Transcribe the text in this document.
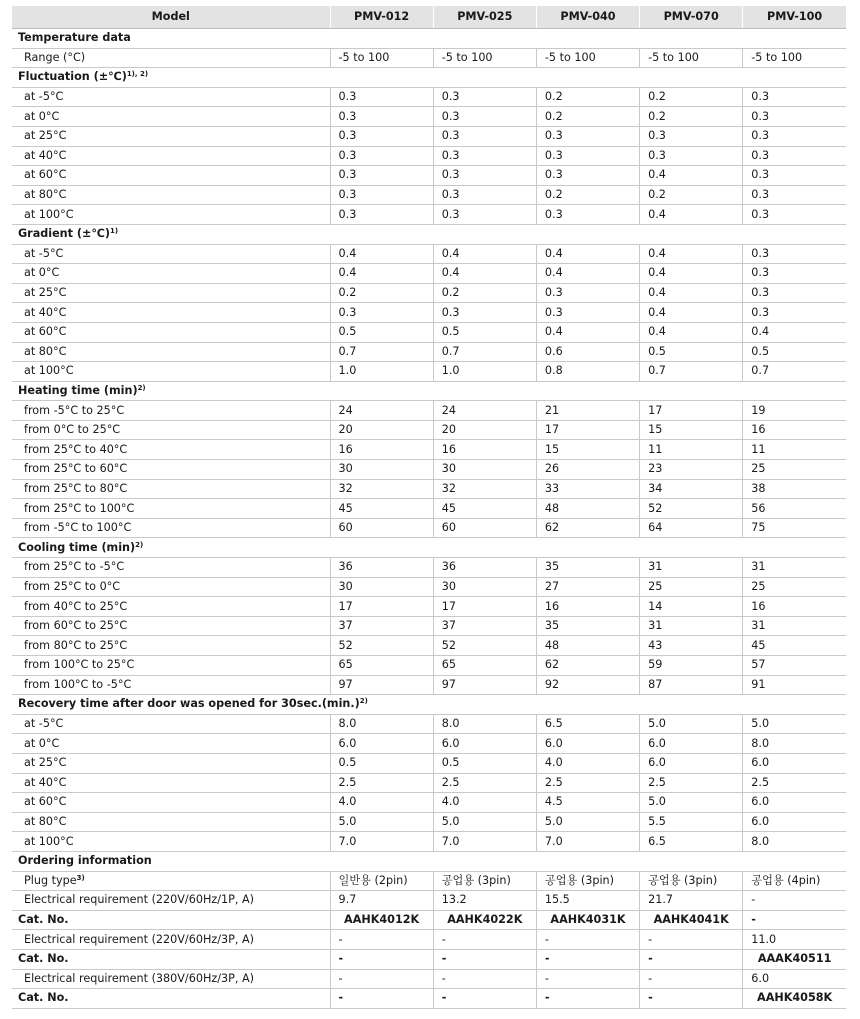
Model	PMV-012	PMV-025	PMV-040	PMV-070	PMV-100
Temperature data					
Range (°C)	-5 to 100	-5 to 100	-5 to 100	-5 to 100	-5 to 100
Fluctuation (±℃)$^{1), 2)}$
at -5°C	0.3	0.3	0.2	0.2	0.3
at 0°C	0.3	0.3	0.2	0.2	0.3
at 25°C	0.3	0.3	0.3	0.3	0.3
at 40°C	0.3	0.3	0.3	0.3	0.3
at 60°C	0.3	0.3	0.3	0.4	0.3
at 80°C	0.3	0.3	0.2	0.2	0.3
at 100°C	0.3	0.3	0.3	0.4	0.3
Gradient (±℃)$^{1)}$
at -5°C	0.4	0.4	0.4	0.4	0.3
at 0°C	0.4	0.4	0.4	0.4	0.3
at 25°C	0.2	0.2	0.3	0.4	0.3
at 40°C	0.3	0.3	0.3	0.4	0.3
at 60°C	0.5	0.5	0.4	0.4	0.4
at 80°C	0.7	0.7	0.6	0.5	0.5
at 100°C	1.0	1.0	0.8	0.7	0.7
Heating time $(\min)^{2)}$
from -5°C to 25°C	24	24	21	17	19
from 0°C to 25°C	20	20	17	15	16
from 25°C to 40°C	16	16	15	11	11
from 25°C to 60°C	30	30	26	23	25
from 25°C to 80°C	32	32	33	34	38
from 25°C to 100°C	45	45	48	52	56
from -5°C to 100°C	60	60	62	64	75
Cooling time $(\min)^{2)}$
from 25°C to -5°C	36	36	35	31	31
from 25°C to 0°C	30	30	27	25	25
from 40°C to 25°C	17	17	16	14	16
from 60°C to 25°C	37	37	35	31	31
from 80°C to 25°C	52	52	48	43	45
from 100°C to 25°C	65	65	62	59	57
from 100°C to -5°C	97	97	92	87	91
Recovery time after door was opened for $30\sec.(\min.)^{2)}$
at -5°C	8.0	8.0	6.5	5.0	5.0
at 0°C	6.0	6.0	6.0	6.0	8.0
at 25°C	0.5	0.5	4.0	6.0	6.0
at 40°C	2.5	2.5	2.5	2.5	2.5
at 60°C	4.0	4.0	4.5	5.0	6.0
at 80°C	5.0	5.0	5.0	5.5	6.0
at 100°C	7.0	7.0	7.0	6.5	8.0
Ordering information					
Plug type$^{3)}$	일반용 (2pin)	공업용 (3pin)	공업용 (3pin)	공업용 (3pin)	공업용 (4pin)
Electrical requirement (220V/60Hz/1P, A)	9.7	13.2	15.5	21.7	-
Cat. No.	AAHK4012K	AAHK4022K	AAHK4031K	AAHK4041K	-
Electrical requirement (220V/60Hz/3P, A)	-	-	-	-	11.0
Cat. No.	-	-	-	-	AAAK40511
Electrical requirement (380V/60Hz/3P, A)	-	-	-	-	6.0
Cat. No.	-	-	-	-	AAHK4058K
